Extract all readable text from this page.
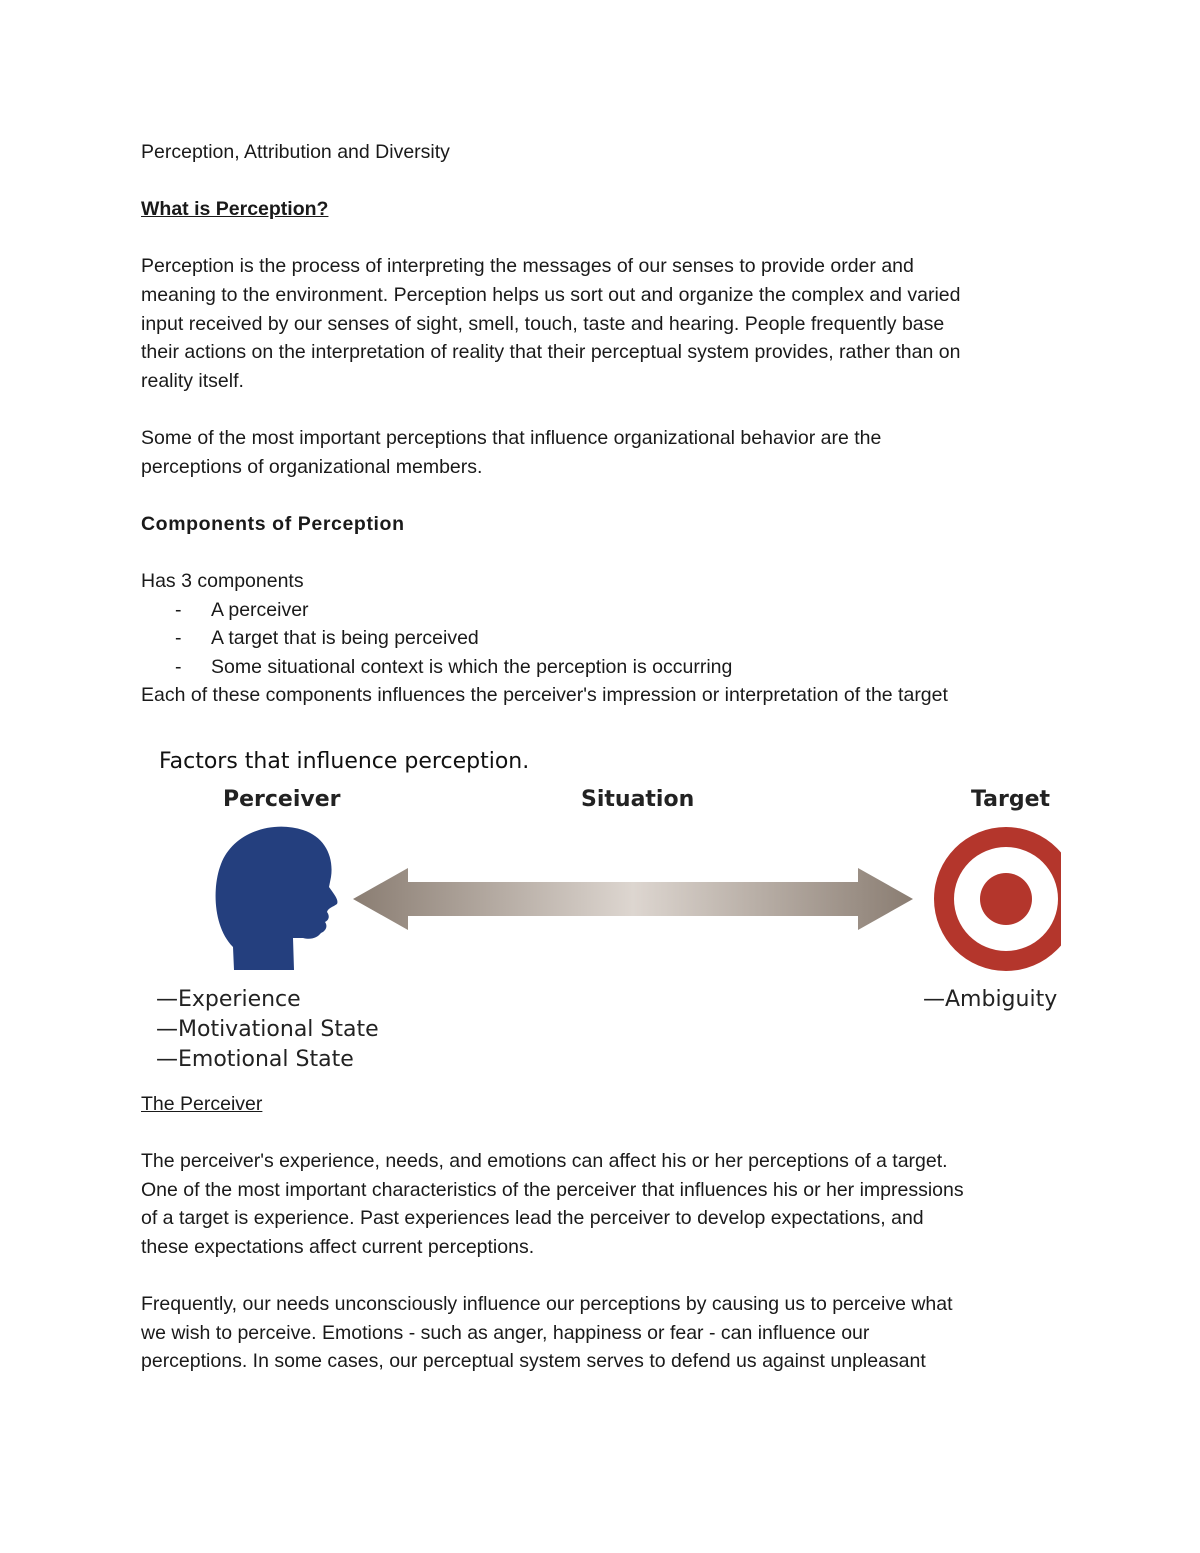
Perception, Attribution and Diversity

What is Perception?

Perception is the process of interpreting the messages of our senses to provide order and

meaning to the environment. Perception helps us sort out and organize the complex and varied

input received by our senses of sight, smell, touch, taste and hearing. People frequently base

their actions on the interpretation of reality that their perceptual system provides, rather than on

reality itself.

Some of the most important perceptions that influence organizational behavior are the

perceptions of organizational members.

Components of Perception

Has 3 components

- A perceiver
- A target that is being perceived
- Some situational context is which the perception is occurring

Each of these components influences the perceiver's impression or interpretation of the target

Factors that influence perception.
Perceiver	Situation	Target
—Experience
—Motivational State
—Emotional State
—Ambiguity

The Perceiver

The perceiver's experience, needs, and emotions can affect his or her perceptions of a target.

One of the most important characteristics of the perceiver that influences his or her impressions

of a target is experience. Past experiences lead the perceiver to develop expectations, and

these expectations affect current perceptions.

Frequently, our needs unconsciously influence our perceptions by causing us to perceive what

we wish to perceive. Emotions - such as anger, happiness or fear - can influence our

perceptions. In some cases, our perceptual system serves to defend us against unpleasant
